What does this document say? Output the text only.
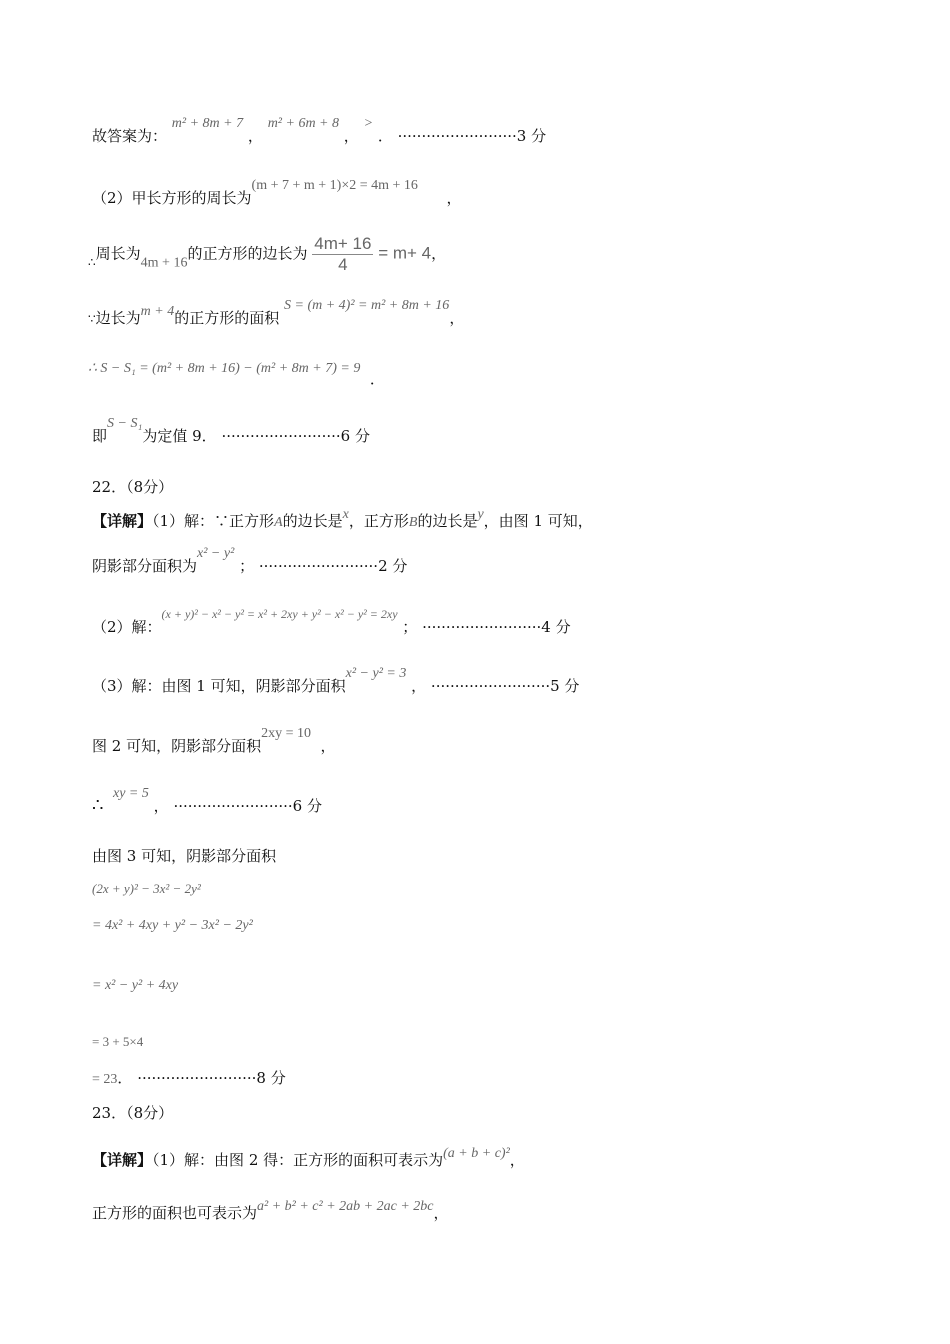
故答案为： m² + 8m + 7 ， m² + 6m + 8 ， > ． ·························3 分
（2）甲长方形的周长为(m + 7 + m + 1)×2 = 4m + 16      ，
$_\therefore$周长为4m + 16的正方形的边长为 $\frac{4m+ 16}{4} = m+ 4$，
∵边长为m + 4的正方形的面积 S = (m + 4)² = m² + 8m + 16，
∴ S − S₁ = (m² + 8m + 16) − (m² + 8m + 7) = 9  ．
即S − S₁为定值 9． ·························6 分
22．（8分）
【详解】（1）解：∵正方形A的边长是x，正方形B的边长是y，由图 1 可知，
阴影部分面积为x² − y² ； ·························2 分
（2）解：$^{(x + y)^2 - x^2 - y^2 = x^2 + 2xy + y^2 - x^2 - y^2 = 2xy}$ ； ·························4 分
（3）解：由图 1 可知，阴影部分面积x² − y² = 3 ， ·························5 分
图 2 可知，阴影部分面积2xy = 10  ，
∴  xy = 5 ， ·························6 分
由图 3 可知，阴影部分面积
(2x + y)² − 3x² − 2y²
= 4x² + 4xy + y² − 3x² − 2y²
= x² − y² + 4xy
= 3 + 5×4
= 23． ·························8 分
23．（8分）
【详解】（1）解：由图 2 得：正方形的面积可表示为(a + b + c)²，
正方形的面积也可表示为a² + b² + c² + 2ab + 2ac + 2bc，
